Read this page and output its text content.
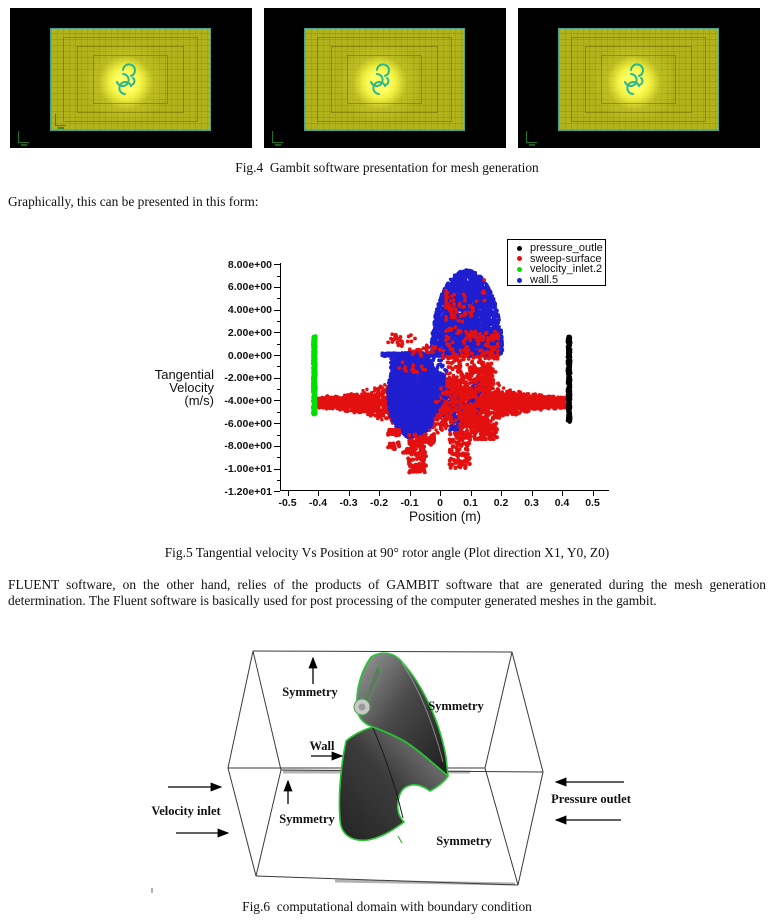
Fig.4  Gambit software presentation for mesh generation

Graphically, this can be presented in this form:

8.00e+00
6.00e+00
4.00e+00
2.00e+00
0.00e+00
-2.00e+00
-4.00e+00
-6.00e+00
-8.00e+00
-1.00e+01
-1.20e+01
-0.5	-0.4	-0.3	-0.2	-0.1	0	0.1	0.2	0.3	0.4	0.5
Tangential
Velocity
(m/s)
Position (m)
pressure_outle
sweep-surface
velocity_inlet.2
wall.5
Fig.5 Tangential velocity Vs Position at 90° rotor angle (Plot direction X1, Y0, Z0)

FLUENT software, on the other hand, relies of the products of GAMBIT software that are generated during the mesh generation determination. The Fluent software is basically used for post processing of the computer generated meshes in the gambit.

Symmetry
Symmetry
Wall
Symmetry
Symmetry
Velocity inlet
Pressure outlet
Fig.6  computational domain with boundary condition
